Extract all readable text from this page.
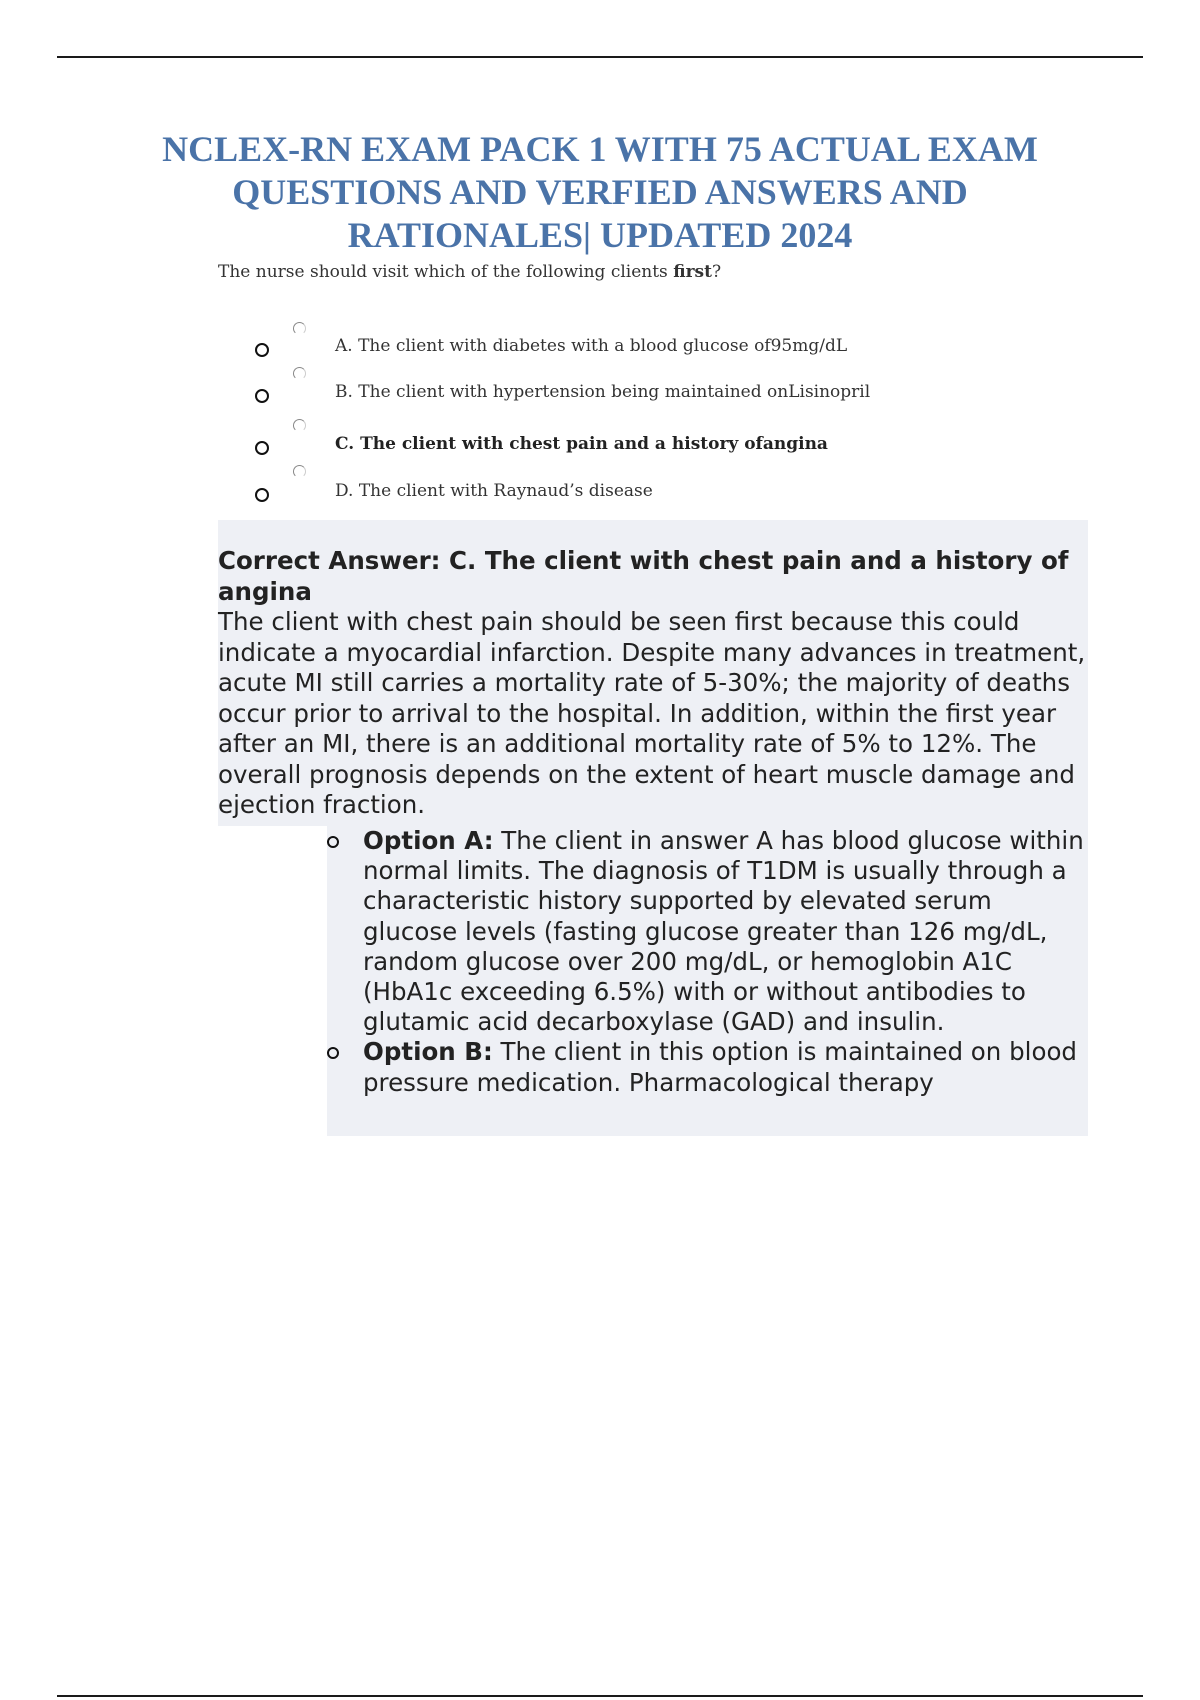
NCLEX-RN EXAM PACK 1 WITH 75 ACTUAL EXAM QUESTIONS AND VERFIED ANSWERS AND RATIONALES| UPDATED 2024
The nurse should visit which of the following clients first?
A. The client with diabetes with a blood glucose of95mg/dL
B. The client with hypertension being maintained onLisinopril
C. The client with chest pain and a history ofangina
D. The client with Raynaud’s disease

Correct Answer: C. The client with chest pain and a history of angina

The client with chest pain should be seen first because this could indicate a myocardial infarction. Despite many advances in treatment, acute MI still carries a mortality rate of 5-30%; the majority of deaths occur prior to arrival to the hospital. In addition, within the first year after an MI, there is an additional mortality rate of 5% to 12%. The overall prognosis depends on the extent of heart muscle damage and ejection fraction.

Option A: The client in answer A has blood glucose within normal limits. The diagnosis of T1DM is usually through a characteristic history supported by elevated serum glucose levels (fasting glucose greater than 126 mg/dL, random glucose over 200 mg/dL, or hemoglobin A1C (HbA1c exceeding 6.5%) with or without antibodies to glutamic acid decarboxylase (GAD) and insulin.
Option B: The client in this option is maintained on blood pressure medication. Pharmacological therapy
